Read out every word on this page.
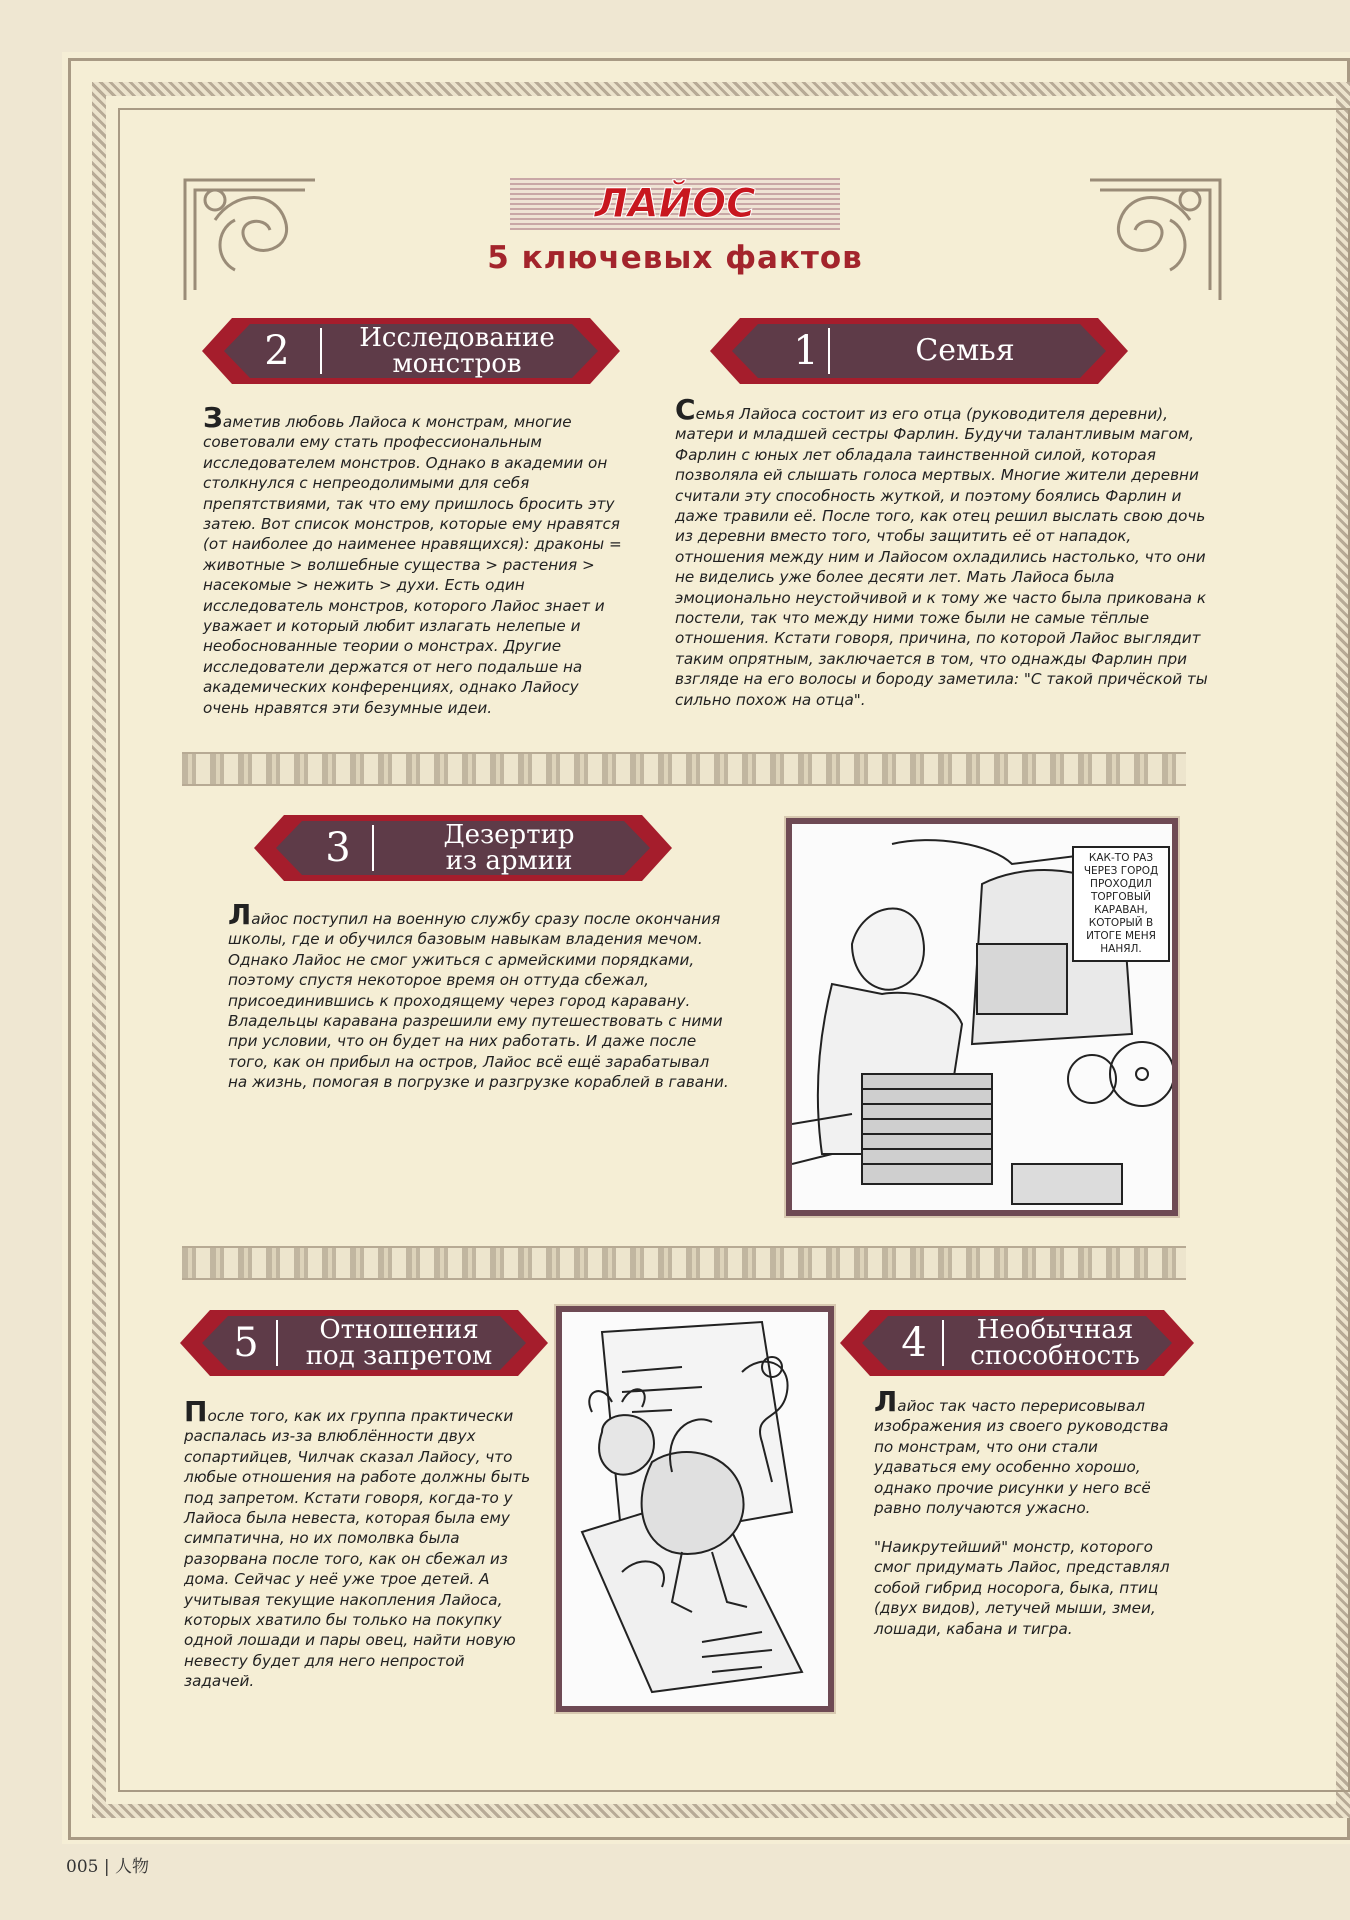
ЛАЙОС
5 ключевых фактов
2	Исследование
монстров	1	Семья
Заметив любовь Лайоса к монстрам, многие советовали ему стать профессиональным исследователем монстров. Однако в академии он столкнулся с непреодолимыми для себя препятствиями, так что ему пришлось бросить эту затею. Вот список монстров, которые ему нравятся (от наиболее до наименее нравящихся): драконы = животные > волшебные существа > растения > насекомые > нежить > духи. Есть один исследователь монстров, которого Лайос знает и уважает и который любит излагать нелепые и необоснованные теории о монстрах. Другие исследователи держатся от него подальше на академических конференциях, однако Лайосу очень нравятся эти безумные идеи.
Семья Лайоса состоит из его отца (руководителя деревни), матери и младшей сестры Фарлин. Будучи талантливым магом, Фарлин с юных лет обладала таинственной силой, которая позволяла ей слышать голоса мертвых. Многие жители деревни считали эту способность жуткой, и поэтому боялись Фарлин и даже травили её. После того, как отец решил выслать свою дочь из деревни вместо того, чтобы защитить её от нападок, отношения между ним и Лайосом охладились настолько, что они не виделись уже более десяти лет. Мать Лайоса была эмоционально неустойчивой и к тому же часто была прикована к постели, так что между ними тоже были не самые тёплые отношения. Кстати говоря, причина, по которой Лайос выглядит таким опрятным, заключается в том, что однажды Фарлин при взгляде на его волосы и бороду заметила: "С такой причёской ты сильно похож на отца".
3	Дезертир
из армии
Лайос поступил на военную службу сразу после окончания школы, где и обучился базовым навыкам владения мечом. Однако Лайос не смог ужиться с армейскими порядками, поэтому спустя некоторое время он оттуда сбежал, присоединившись к проходящему через город каравану. Владельцы каравана разрешили ему путешествовать с ними при условии, что он будет на них работать. И даже после того, как он прибыл на остров, Лайос всё ещё зарабатывал на жизнь, помогая в погрузке и разгрузке кораблей в гавани.
КАК-ТО РАЗ ЧЕРЕЗ ГОРОД ПРОХОДИЛ ТОРГОВЫЙ КАРАВАН, КОТОРЫЙ В ИТОГЕ МЕНЯ НАНЯЛ.
5	Отношения
под запретом	4 Необычная
способность
После того, как их группа практически распалась из-за влюблённости двух сопартийцев, Чилчак сказал Лайосу, что любые отношения на работе должны быть под запретом. Кстати говоря, когда-то у Лайоса была невеста, которая была ему симпатична, но их помолвка была разорвана после того, как он сбежал из дома. Сейчас у неё уже трое детей. А учитывая текущие накопления Лайоса, которых хватило бы только на покупку одной лошади и пары овец, найти новую невесту будет для него непростой задачей.
Лайос так часто перерисовывал изображения из своего руководства по монстрам, что они стали удаваться ему особенно хорошо, однако прочие рисунки у него всё равно получаются ужасно.
"Наикрутейший" монстр, которого смог придумать Лайос, представлял собой гибрид носорога, быка, птиц (двух видов), летучей мыши, змеи, лошади, кабана и тигра.
005 | 人物
